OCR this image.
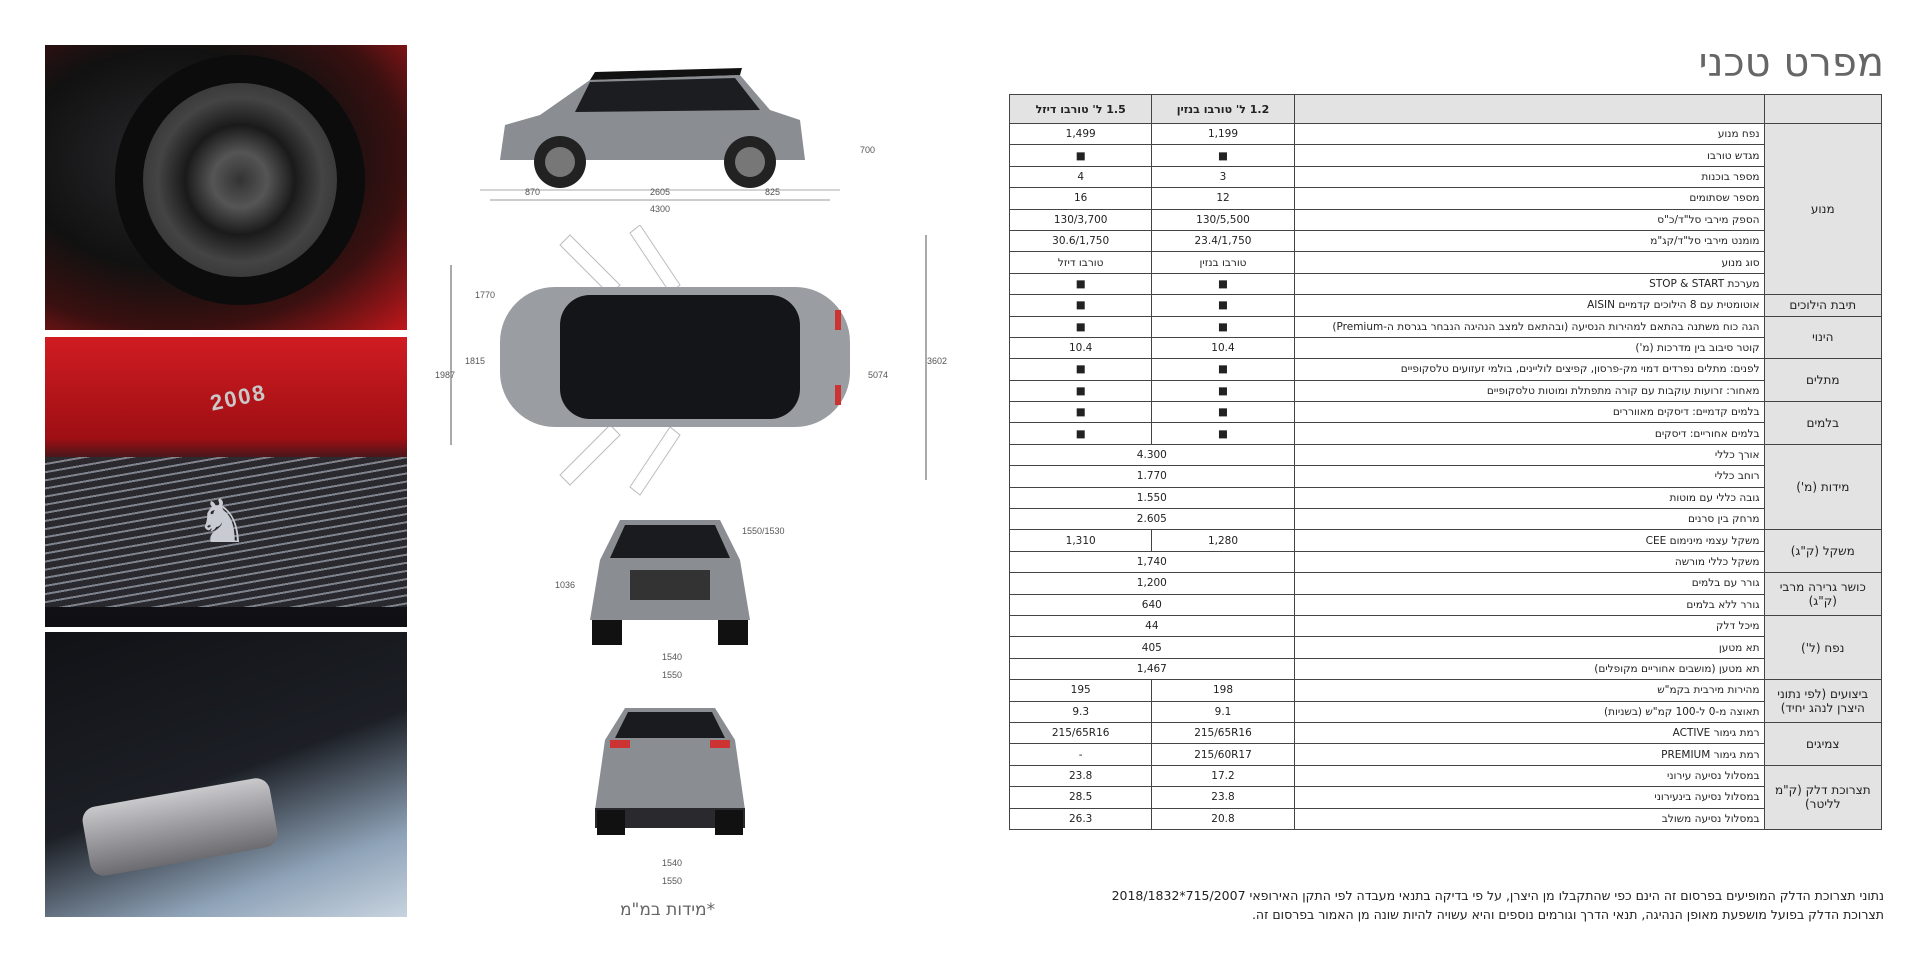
2008
♞
870	2605	825
4300
700
1770
1987
1815
5074
3602
1550/1530
1036
1540
1550
1540
1550
*מידות במ"מ
מפרט טכני
		1.2 ל' טורבו בנזין	1.5 ל' טורבו דיזל
מנוע	נפח מנוע	1,199	1,499
	מגדש טורבו	■	■
	מספר בוכנות	3	4
	מספר שסתומים	12	16
	הספק מירבי סל"ד/כ"ס	130/5,500	130/3,700
	מומנט מירבי סל"ד/קג"מ	23.4/1,750	30.6/1,750
	סוג מנוע	טורבו בנזין	טורבו דיזל
	מערכת STOP & START	■	■
תיבת הילוכים	אוטומטית עם 8 הילוכים קדמיים AISIN	■	■
הינוי	הגה כוח משתנה בהתאם למהירות הנסיעה (ובהתאם למצב הנהיגה הנבחר בגרסת ה-Premium)	■	■
	קוטר סיבוב בין מדרכות (מ')	10.4	10.4
מתלים	לפנים: מתלים נפרדים דמוי מק-פרסון, קפיצים לוליינים, בולמי זעזועים טלסקופיים	■	■
	מאחור: זרועות עוקבות עם קורה מתפתלת ומוטות טלסקופיים	■	■
בלמים	בלמים קדמיים: דיסקים מאווררים	■	■
	בלמים אחוריים: דיסקים	■	■
מידות (מ')	אורך כללי	4.300	
	רוחב כללי	1.770	
	גובה כללי עם מוטות	1.550	
	מרחק בין סרנים	2.605	
משקל (ק"ג)	משקל עצמי מינימום CEE	1,280	1,310
	משקל כללי מורשה	1,740	
כושר גרירה מרבי (ק"ג)	גורר עם בלמים	1,200	
	גורר ללא בלמים	640	
נפח (ל')	מיכל דלק	44	
	תא מטען	405	
	תא מטען (מושבים אחוריים מקופלים)	1,467	
ביצועים (לפי נתוני היצרן לנהג יחיד)	מהירות מירבית בקמ"ש	198	195
	תאוצה מ-0 ל-100 קמ"ש (בשניות)	9.1	9.3
צמיגים	רמת גימור ACTIVE	215/65R16	215/65R16
	רמת גימור PREMIUM	215/60R17	-
תצרוכת דלק (ק"מ לליטר)	במסלול נסיעה עירוני	17.2	23.8
	במסלול נסיעה בינעירוני	23.8	28.5
	במסלול נסיעה משולב	20.8	26.3
נתוני תצרוכת הדלק המופיעים בפרסום זה הינם כפי שהתקבלו מן היצרן, על פי בדיקה בתנאי מעבדה לפי התקן האירופאי 715/2007*2018/1832
תצרוכת הדלק בפועל מושפעת מאופן הנהיגה, תנאי הדרך וגורמים נוספים והיא עשויה להיות שונה מן האמור בפרסום זה.
